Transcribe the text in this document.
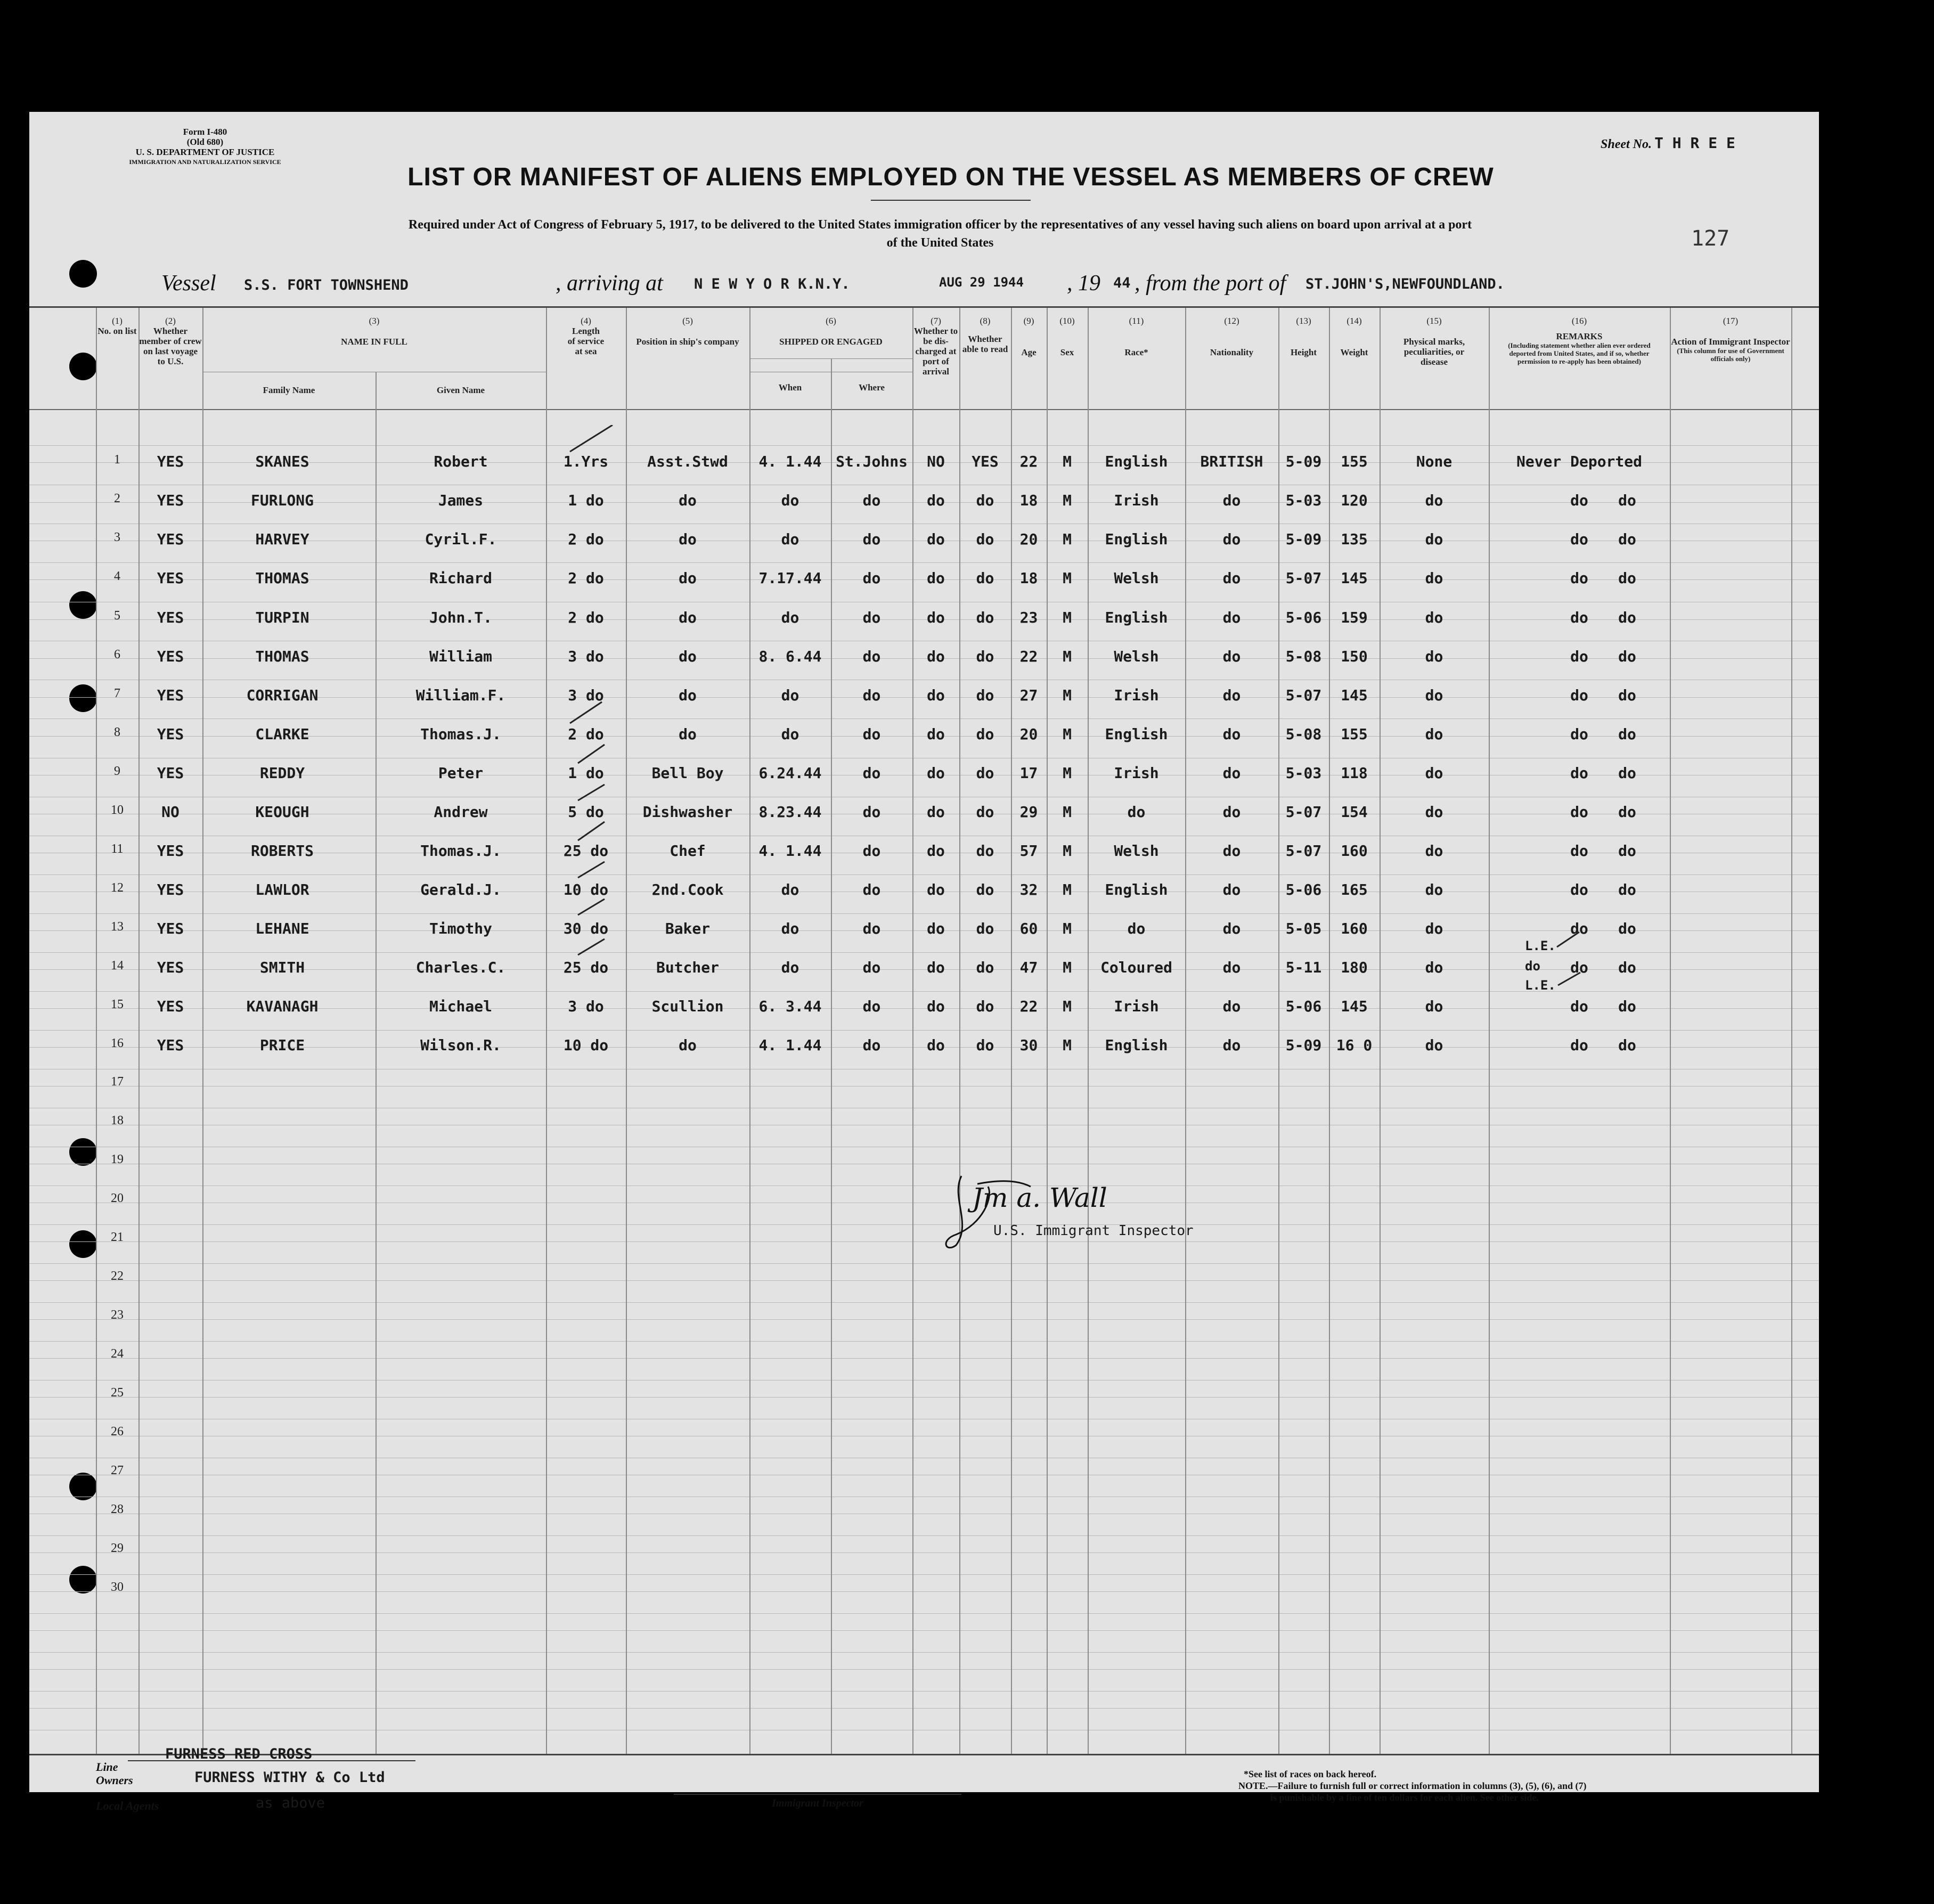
Form I-480
(Old 680)
U. S. DEPARTMENT OF JUSTICE
IMMIGRATION AND NATURALIZATION SERVICE
Sheet No. T H R E E
127
LIST OR MANIFEST OF ALIENS EMPLOYED ON THE VESSEL AS MEMBERS OF CREW
Required under Act of Congress of February 5, 1917, to be delivered to the United States immigration officer by the representatives of any vessel having such aliens on board upon arrival at a port
of the United States
Vessel S.S. FORT TOWNSHEND	, arriving at N E W Y O R K.N.Y.	AUG 29 1944 , 19 44 , from the port of ST.JOHN'S,NEWFOUNDLAND.
(1)
No. on list
(2)
Whether member of crew on last voyage to U.S.
(3)
NAME IN FULL
Family Name	Given Name
(4)
Length of service at sea
(5)
Position in ship's company
(6)
SHIPPED OR ENGAGED
When	Where
(7)
Whether to be dis-charged at port of arrival
(8)
Whether able to read
(9)
Age
(10)
Sex
(11)
Race*
(12)
Nationality
(13)
Height
(14)
Weight
(15)
Physical marks, peculiarities, or disease
(16)
REMARKS
(Including statement whether alien ever ordered deported from United States, and if so, whether permission to re-apply has been obtained)
(17)
Action of Immigrant Inspector
(This column for use of Government officials only)
1	YES	SKANES	Robert	1.Yrs	Asst.Stwd	4. 1.44 St.Johns	NO	YES	22	M	English	BRITISH	5-09	155	None	Never Deported
2	YES	FURLONG	James	1 do	do	do	do	do	do	18	M	Irish	do	5-03	120	do	do	do
3	YES	HARVEY	Cyril.F.	2 do	do	do	do	do	do	20	M	English	do	5-09	135	do	do	do
4	YES	THOMAS	Richard	2 do	do	7.17.44	do	do	do	18	M	Welsh	do	5-07	145	do	do	do
5	YES	TURPIN	John.T.	2 do	do	do	do	do	do	23	M	English	do	5-06	159	do	do	do
6	YES	THOMAS	William	3 do	do	8. 6.44	do	do	do	22	M	Welsh	do	5-08	150	do	do	do
7	YES	CORRIGAN	William.F.	3 do	do	do	do	do	do	27	M	Irish	do	5-07	145	do	do	do
8	YES	CLARKE	Thomas.J.	2 do	do	do	do	do	do	20	M	English	do	5-08	155	do	do	do
9	YES	REDDY	Peter	1 do	Bell Boy	6.24.44	do	do	do	17	M	Irish	do	5-03	118	do	do	do
10	NO	KEOUGH	Andrew	5 do	Dishwasher	8.23.44	do	do	do	29	M	do	do	5-07	154	do	do	do
11	YES	ROBERTS	Thomas.J.	25 do	Chef	4. 1.44	do	do	do	57	M	Welsh	do	5-07	160	do	do	do
12	YES	LAWLOR	Gerald.J.	10 do	2nd.Cook	do	do	do	do	32	M	English	do	5-06	165	do	do	do
13	YES	LEHANE	Timothy	30 do	Baker	do	do	do	do	60	M	do	do	5-05	160	do	do	do
14	YES	SMITH	Charles.C.	25 do	Butcher	do	do	do	do	47	M	Coloured	do	5-11	180	do	do	do
15	YES	KAVANAGH	Michael	3 do	Scullion	6. 3.44	do	do	do	22	M	Irish	do	5-06	145	do	do	do
16	YES	PRICE	Wilson.R.	10 do	do	4. 1.44	do	do	do	30	M	English	do	5-09 16 0	do	do	do
L.E.
do
L.E.
17
18
19
20
21
22
23
24
25
26
27
28
29
30
Jm a. Wall
U.S. Immigrant Inspector
Line
FURNESS RED CROSS
Owners	FURNESS WITHY & Co Ltd
Local Agents	as above	Immigrant Inspector
*See list of races on back hereof.
NOTE.—Failure to furnish full or correct information in columns (3), (5), (6), and (7)
is punishable by a fine of ten dollars for each alien. See other side.
